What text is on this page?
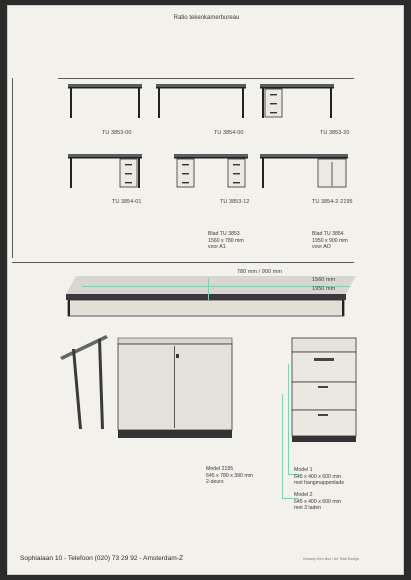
Ratio tekenkamerbureau
TU 3853-00	TU 3854-00	TU 3853-20
TU 3854-01	TU 3853-12	TU 3854-2-2195
Blad TU 3853
1560 x 780 mm
voor A1
Blad TU 3854
1950 x 900 mm
voor AO
780 mm / 900 mm
1560 mm
1950 mm
Model 2195
645 x 780 x 390 mm
2-deurs
Model 1
645 x 400 x 600 mm
met hangmappenlade
Model 2
645 x 400 x 600 mm
met 3 laden
Sophialaan 10 - Telefoon (020) 73 29 92 - Amsterdam-Z	Ontwerp Ben Bos / Art Total Design
